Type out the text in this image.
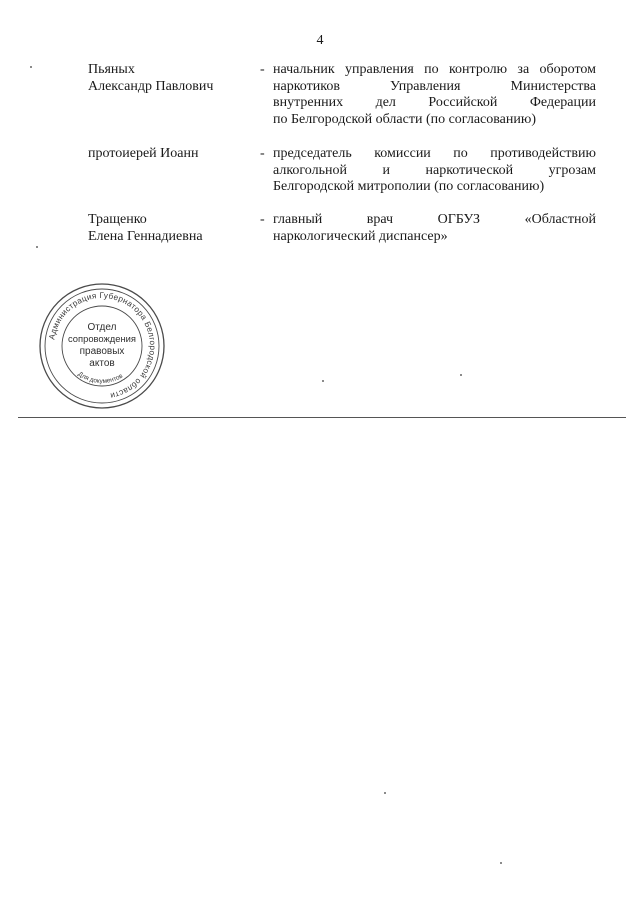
4
Пьяных
Александр Павлович
- начальник управления по контролю за оборотом
наркотиков Управления Министерства
внутренних дел Российской Федерации
по Белгородской области (по согласованию)
протоиерей Иоанн	- председатель комиссии по противодействию
алкогольной и наркотической угрозам
Белгородской митрополии (по согласованию)
Тращенко
Елена Геннадиевна
- главный врач ОГБУЗ «Областной
наркологический диспансер»
Администрация Губернатора Белгородской области
Для документов
Отдел
сопровождения
правовых
актов
